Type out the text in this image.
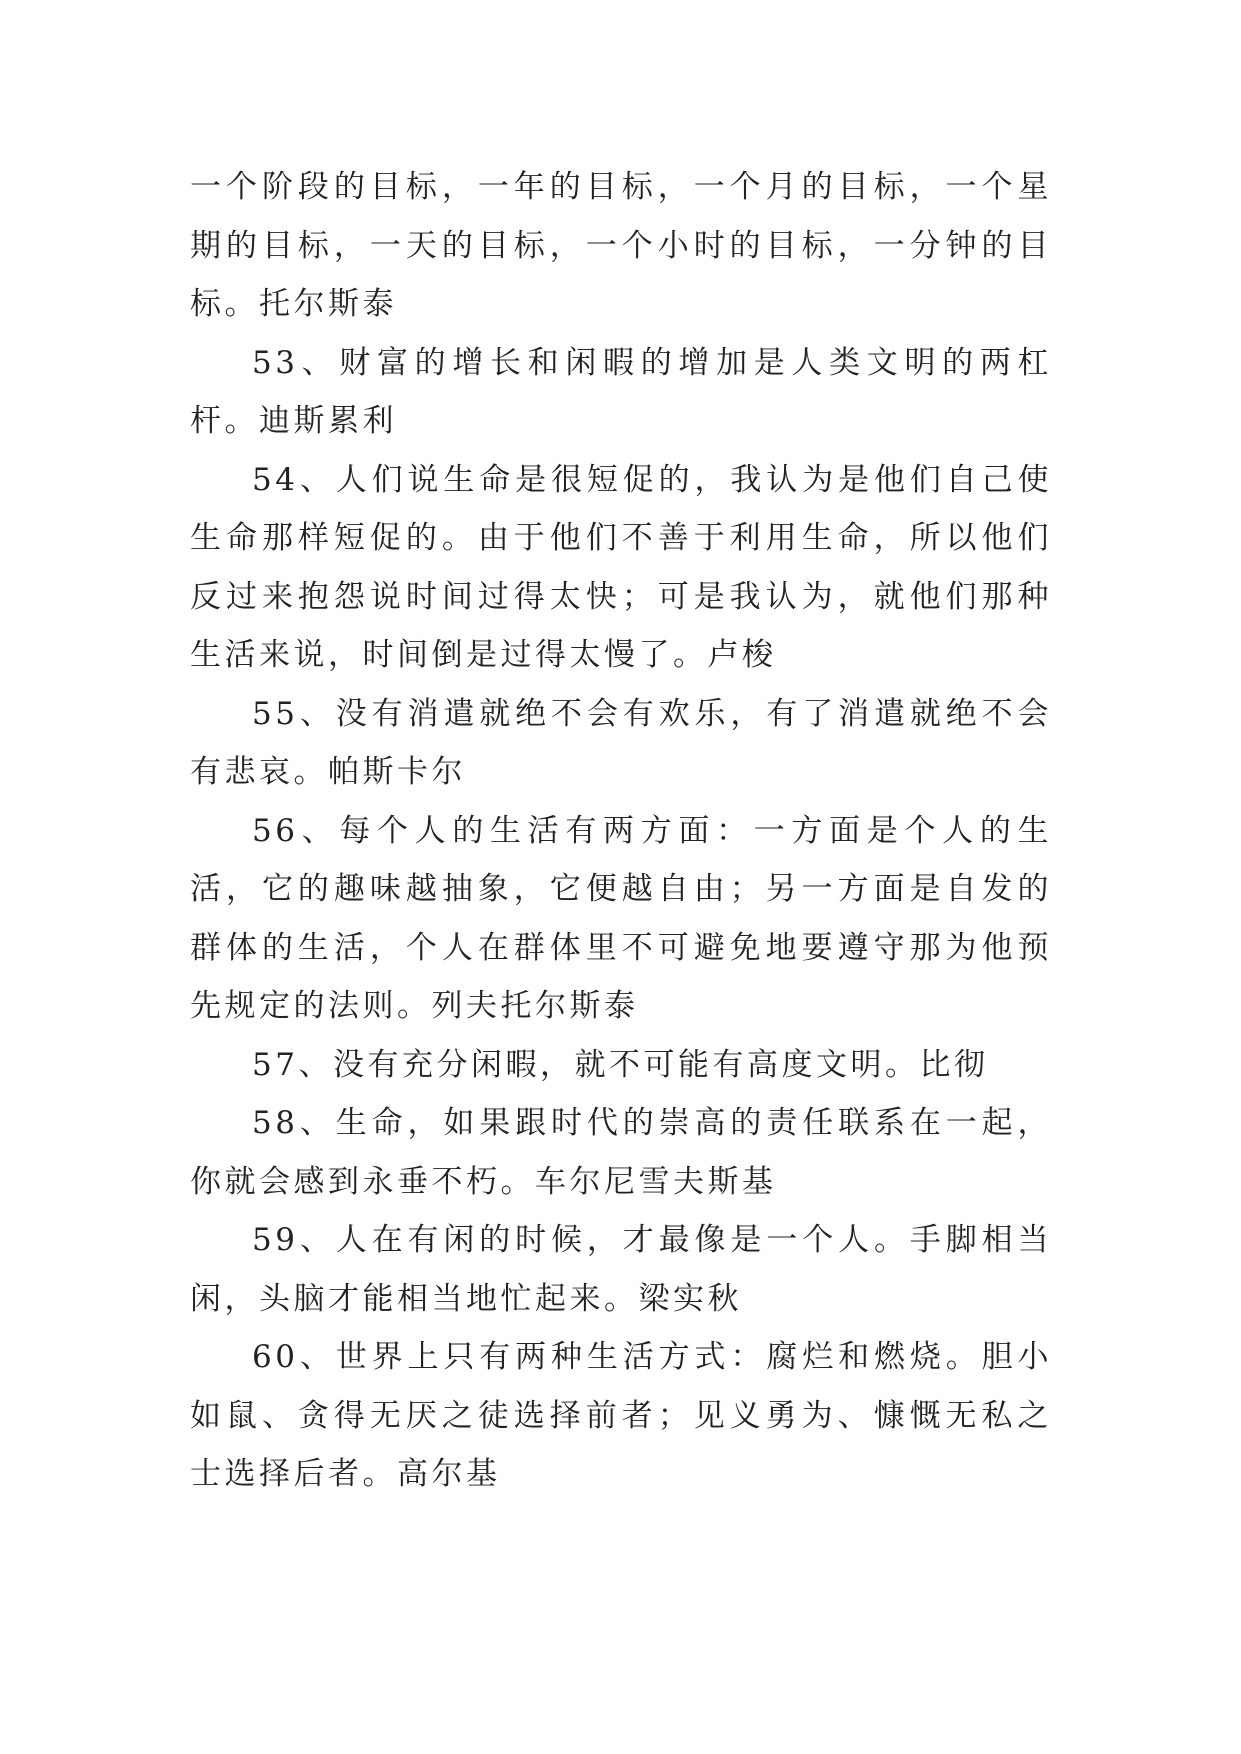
一个阶段的目标，一年的目标，一个月的目标，一个星期的目标，一天的目标，一个小时的目标，一分钟的目标。托尔斯泰

53、财富的增长和闲暇的增加是人类文明的两杠杆。迪斯累利

54、人们说生命是很短促的，我认为是他们自己使生命那样短促的。由于他们不善于利用生命，所以他们反过来抱怨说时间过得太快；可是我认为，就他们那种生活来说，时间倒是过得太慢了。卢梭

55、没有消遣就绝不会有欢乐，有了消遣就绝不会有悲哀。帕斯卡尔

56、每个人的生活有两方面：一方面是个人的生活，它的趣味越抽象，它便越自由；另一方面是自发的群体的生活，个人在群体里不可避免地要遵守那为他预先规定的法则。列夫托尔斯泰

57、没有充分闲暇，就不可能有高度文明。比彻

58、生命，如果跟时代的崇高的责任联系在一起，你就会感到永垂不朽。车尔尼雪夫斯基

59、人在有闲的时候，才最像是一个人。手脚相当闲，头脑才能相当地忙起来。梁实秋

60、世界上只有两种生活方式：腐烂和燃烧。胆小如鼠、贪得无厌之徒选择前者；见义勇为、慷慨无私之士选择后者。高尔基
